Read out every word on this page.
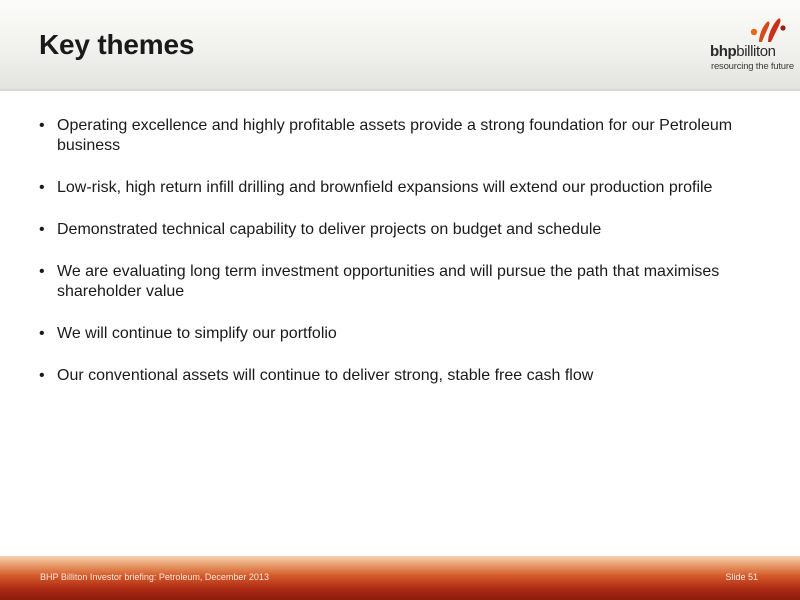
Key themes	bhpbilliton
resourcing the future
• Operating excellence and highly profitable assets provide a strong foundation for our Petroleum business
• Low-risk, high return infill drilling and brownfield expansions will extend our production profile
• Demonstrated technical capability to deliver projects on budget and schedule
• We are evaluating long term investment opportunities and will pursue the path that maximises shareholder value
• We will continue to simplify our portfolio
• Our conventional assets will continue to deliver strong, stable free cash flow
BHP Billiton Investor briefing: Petroleum, December 2013	Slide 51
